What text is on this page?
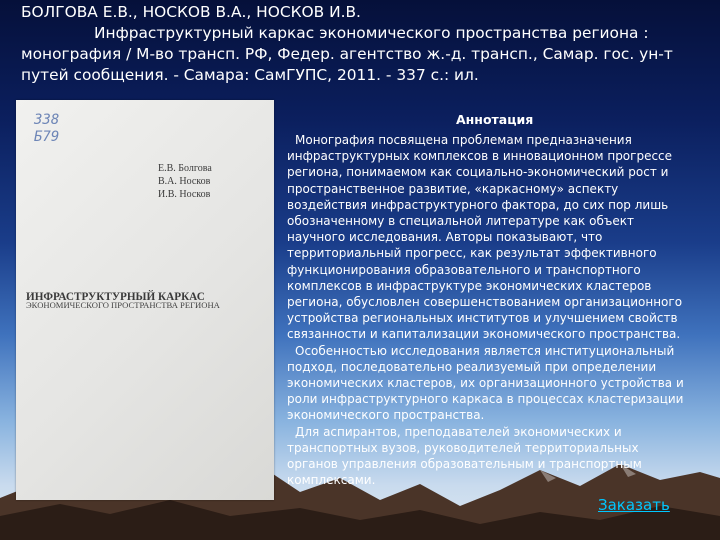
БОЛГОВА Е.В., НОСКОВ В.А., НОСКОВ И.В.
Инфраструктурный каркас экономического пространства региона :
монография / М-во трансп. РФ, Федер. агентство ж.-д. трансп., Самар. гос. ун-т
путей сообщения. - Самара: СамГУПС, 2011. - 337 с.: ил.
338
Б79
Е.В. Болгова
В.А. Носков
И.В. Носков
ИНФРАСТРУКТУРНЫЙ КАРКАС
ЭКОНОМИЧЕСКОГО ПРОСТРАНСТВА РЕГИОНА
Аннотация

Монография посвящена проблемам предназначения инфраструктурных комплексов в инновационном прогрессе региона, понимаемом как социально-экономический рост и пространственное развитие, «каркасному» аспекту воздействия инфраструктурного фактора, до сих пор лишь обозначенному в специальной литературе как объект научного исследования. Авторы показывают, что территориальный прогресс, как результат эффективного функционирования образовательного и транспортного комплексов в инфраструктуре экономических кластеров региона, обусловлен совершенствованием организационного устройства региональных институтов и улучшением свойств связанности и капитализации экономического пространства.

Особенностью исследования является институциональный подход, последовательно реализуемый при определении экономических кластеров, их организационного устройства и роли инфраструктурного каркаса в процессах кластеризации экономического пространства.

Для аспирантов, преподавателей экономических и транспортных вузов, руководителей территориальных органов управления образовательным и транспортным комплексами.

Заказать
